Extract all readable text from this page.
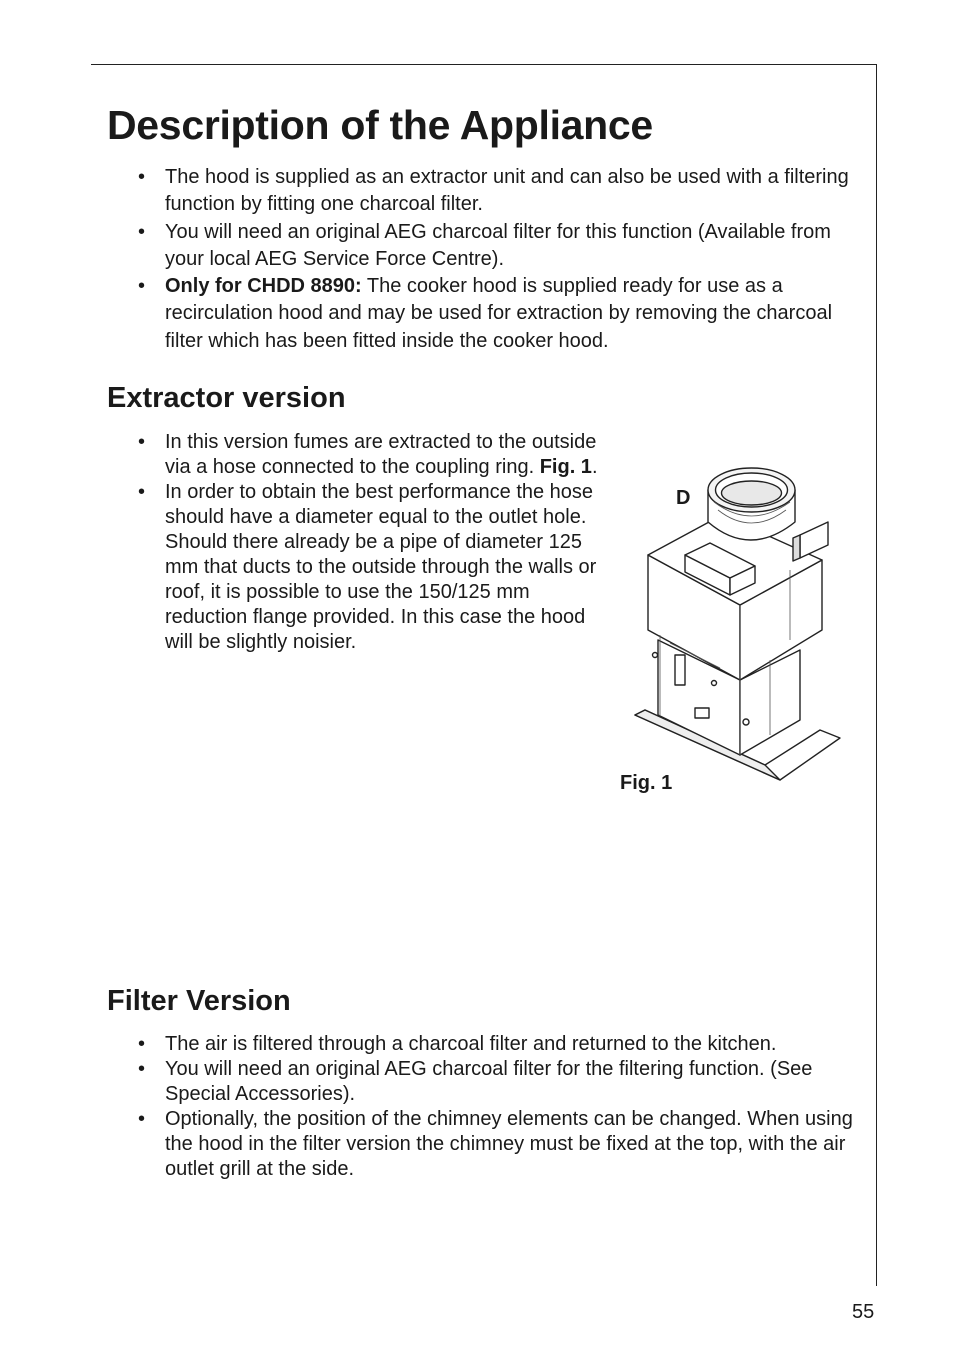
Description of the Appliance
• The hood is supplied as an extractor unit and can also be used with a filtering function by fitting one charcoal filter.
• You will need an original AEG charcoal filter for this function (Available from your local AEG Service Force Centre).
• Only for CHDD 8890: The cooker hood is supplied ready for use as a recirculation hood and may be used for extraction by removing the charcoal filter which has been fitted inside the cooker hood.
Extractor version
• In this version fumes are extracted to the outside via a hose connected to the coupling ring. Fig. 1.
• In order to obtain the best performance the hose should have a diameter equal to the outlet hole.
Should there already be a pipe of diameter 125 mm that ducts to the outside through the walls or roof, it is possible to use the 150/125 mm reduction flange provided. In this case the hood will be slightly noisier.
D
Fig. 1
Filter Version
• The air is filtered through a charcoal filter and returned to the kitchen.
• You will need an original AEG charcoal filter for the filtering function. (See Special Accessories).
• Optionally, the position of the chimney elements can be changed. When using the hood in the filter version the chimney must be fixed at the top, with the air outlet grill at the side.
55
